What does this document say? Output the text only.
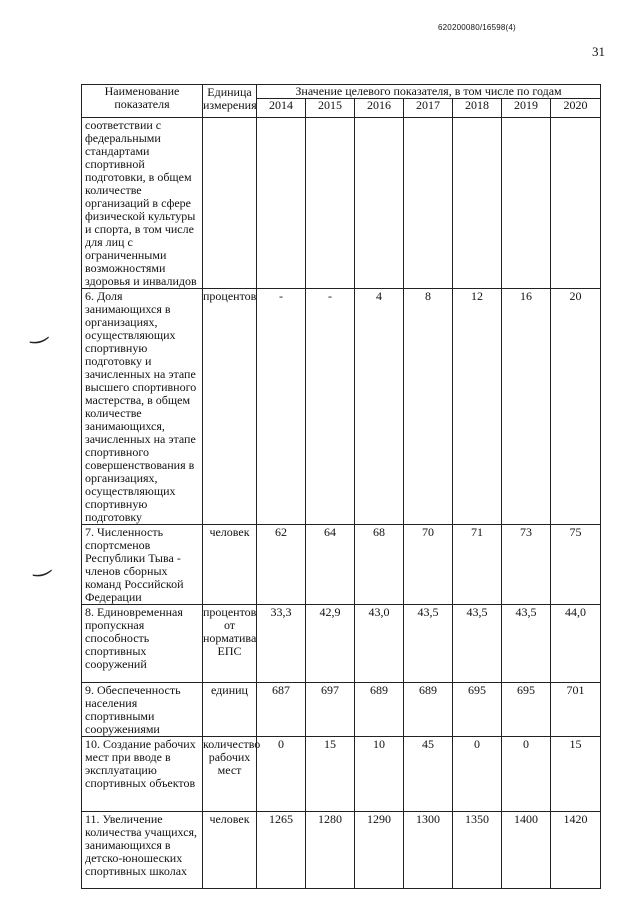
620200080/16598(4)
31
‿
‿
Наименование показателя	Единица измерения	Значение целевого показателя, в том числе по годам						
		2014	2015	2016	2017	2018	2019	2020
соответствии с федеральными стандартами спортивной подготовки, в общем количестве организаций в сфере физической культуры и спорта, в том числе для лиц с ограниченными возможностями здоровья и инвалидов								
6. Доля занимающихся в организациях, осуществляющих спортивную подготовку и зачисленных на этапе высшего спортивного мастерства, в общем количестве занимающихся, зачисленных на этапе спортивного совершенствования в организациях, осуществляющих спортивную подготовку	процентов	-	-	4	8	12	16	20
7. Численность спортсменов Республики Тыва - членов сборных команд Российской Федерации	человек	62	64	68	70	71	73	75
8. Единовременная пропускная способность спортивных сооружений	процентов от норматива ЕПС	33,3	42,9	43,0	43,5	43,5	43,5	44,0
9. Обеспеченность населения спортивными сооружениями	единиц	687	697	689	689	695	695	701
10. Создание рабочих мест при вводе в эксплуатацию спортивных объектов	количество рабочих мест	0	15	10	45	0	0	15
11. Увеличение количества учащихся, занимающихся в детско-юношеских спортивных школах	человек	1265	1280	1290	1300	1350	1400	1420
